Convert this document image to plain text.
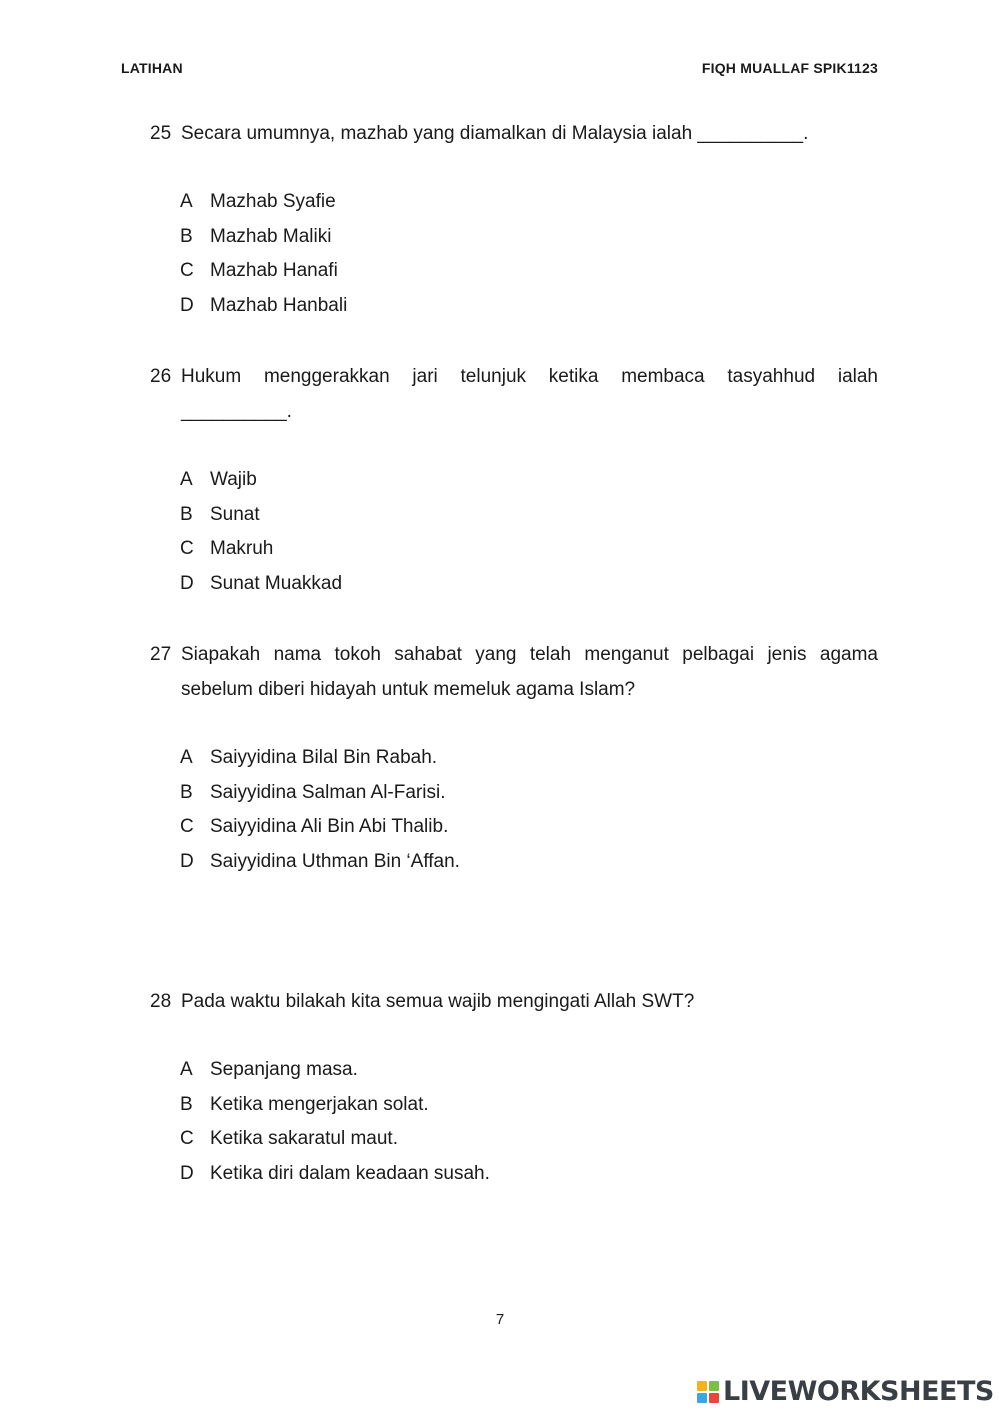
LATIHAN	FIQH MUALLAF SPIK1123
25 Secara umumnya, mazhab yang diamalkan di Malaysia ialah __________.
A Mazhab Syafie
B Mazhab Maliki
C Mazhab Hanafi
D Mazhab Hanbali
26 Hukum menggerakkan jari telunjuk ketika membaca tasyahhud ialah
__________.
A Wajib
B Sunat
C Makruh
D Sunat Muakkad
27 Siapakah nama tokoh sahabat yang telah menganut pelbagai jenis agama sebelum diberi hidayah untuk memeluk agama Islam?
A Saiyyidina Bilal Bin Rabah.
B Saiyyidina Salman Al-Farisi.
C Saiyyidina Ali Bin Abi Thalib.
D Saiyyidina Uthman Bin ‘Affan.
28 Pada waktu bilakah kita semua wajib mengingati Allah SWT?
A Sepanjang masa.
B Ketika mengerjakan solat.
C Ketika sakaratul maut.
D Ketika diri dalam keadaan susah.
7
LIVEWORKSHEETS
